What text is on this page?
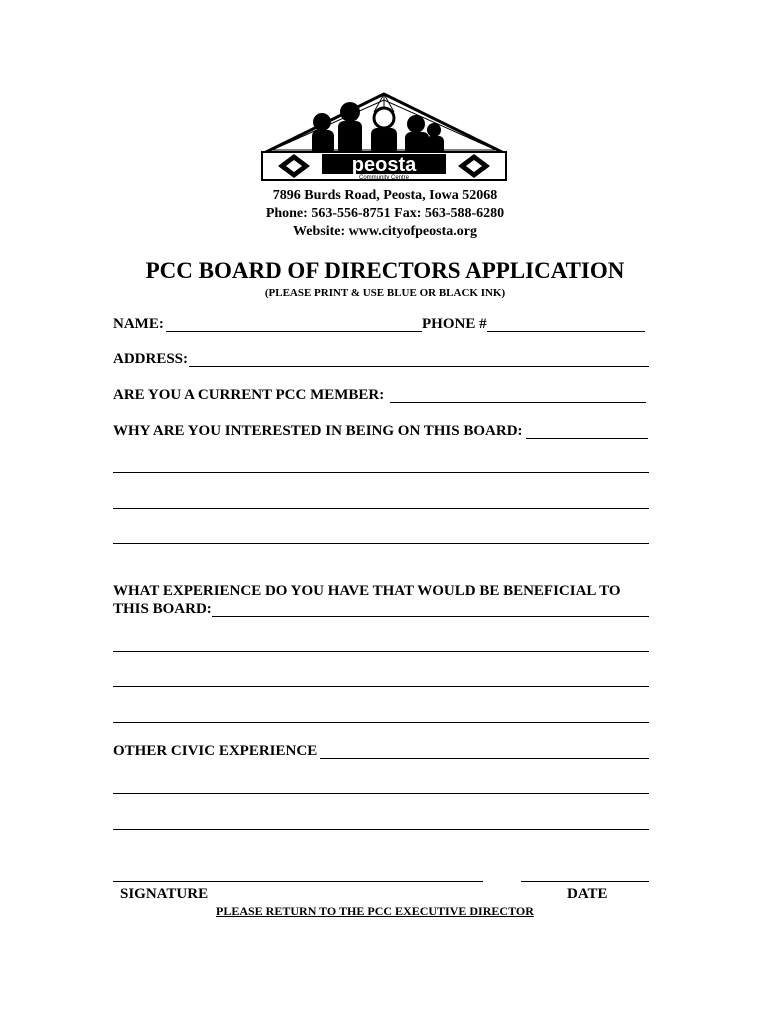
peosta
Community Centre
7896 Burds Road, Peosta, Iowa 52068
Phone: 563-556-8751 Fax: 563-588-6280
Website: www.cityofpeosta.org
PCC BOARD OF DIRECTORS APPLICATION
(PLEASE PRINT & USE BLUE OR BLACK INK)
NAME:	PHONE #
ADDRESS:
ARE YOU A CURRENT PCC MEMBER:
WHY ARE YOU INTERESTED IN BEING ON THIS BOARD:
WHAT EXPERIENCE DO YOU HAVE THAT WOULD BE BENEFICIAL TO
THIS BOARD:
OTHER CIVIC EXPERIENCE
SIGNATURE	DATE
PLEASE RETURN TO THE PCC EXECUTIVE DIRECTOR
